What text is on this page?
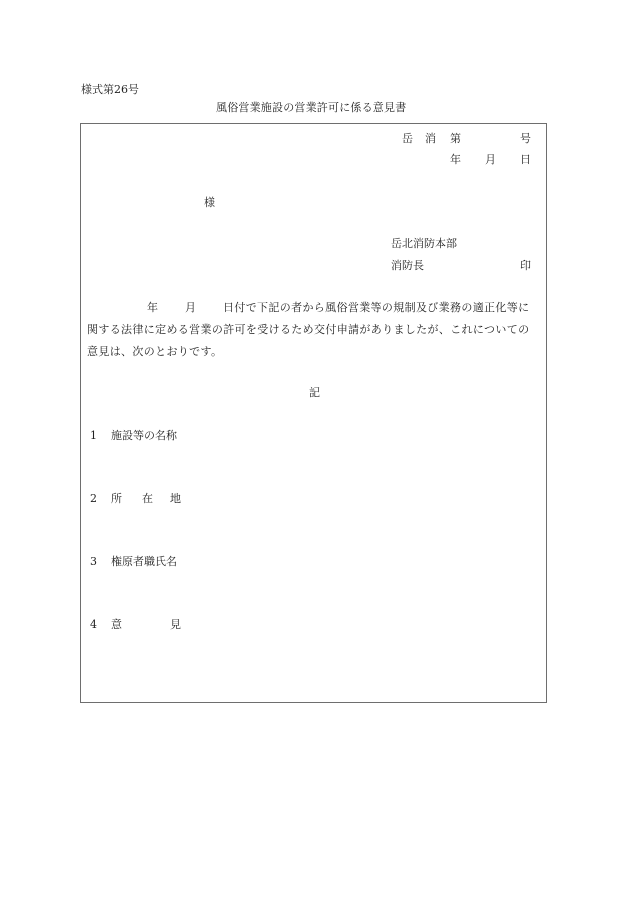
様式第26号
風俗営業施設の営業許可に係る意見書
岳 消 第	号
年 月 日
様
岳北消防本部
消防長	印
年 月 日付で下記の者から風俗営業等の規制及び業務の適正化等に
関する法律に定める営業の許可を受けるため交付申請がありましたが、これについての
意見は、次のとおりです。
記
1 施設等の名称
2 所 在 地
3 権原者職氏名
4 意	見
